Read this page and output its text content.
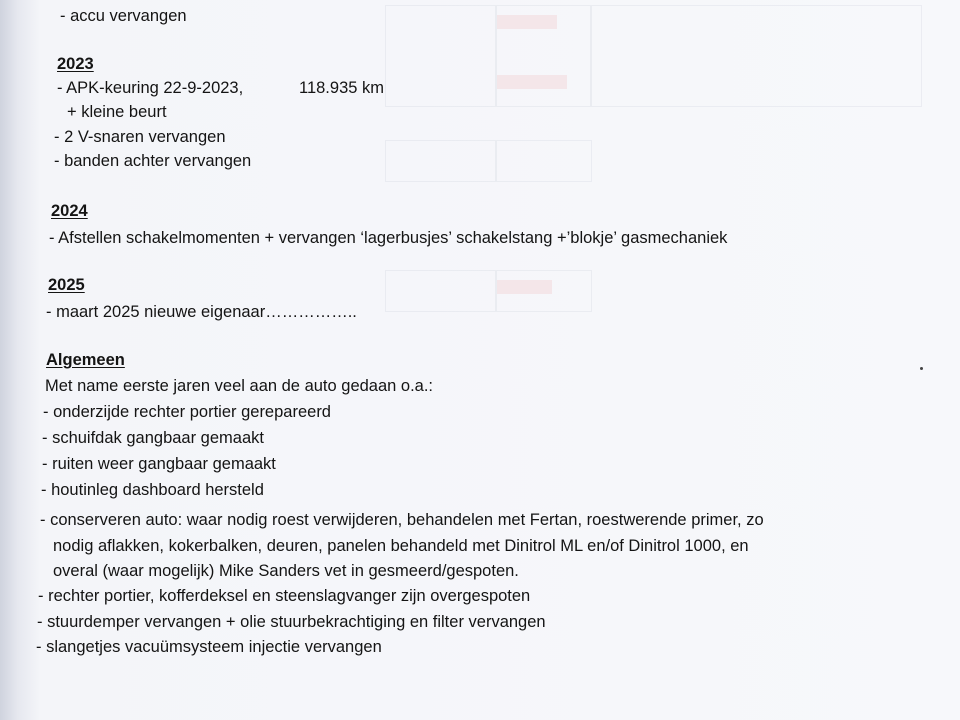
- accu vervangen
2023
- APK-keuring 22-9-2023,	118.935 km
+ kleine beurt
- 2 V-snaren vervangen
- banden achter vervangen
2024
- Afstellen schakelmomenten + vervangen ‘lagerbusjes’ schakelstang +’blokje’ gasmechaniek
2025
- maart 2025 nieuwe eigenaar……………..
Algemeen
Met name eerste jaren veel aan de auto gedaan o.a.:
- onderzijde rechter portier gerepareerd
- schuifdak gangbaar gemaakt
- ruiten weer gangbaar gemaakt
- houtinleg dashboard hersteld
- conserveren auto: waar nodig roest verwijderen, behandelen met Fertan, roestwerende primer, zo
nodig aflakken, kokerbalken, deuren, panelen behandeld met Dinitrol ML en/of Dinitrol 1000, en
overal (waar mogelijk) Mike Sanders vet in gesmeerd/gespoten.
- rechter portier, kofferdeksel en steenslagvanger zijn overgespoten
- stuurdemper vervangen + olie stuurbekrachtiging en filter vervangen
- slangetjes vacuümsysteem injectie vervangen
